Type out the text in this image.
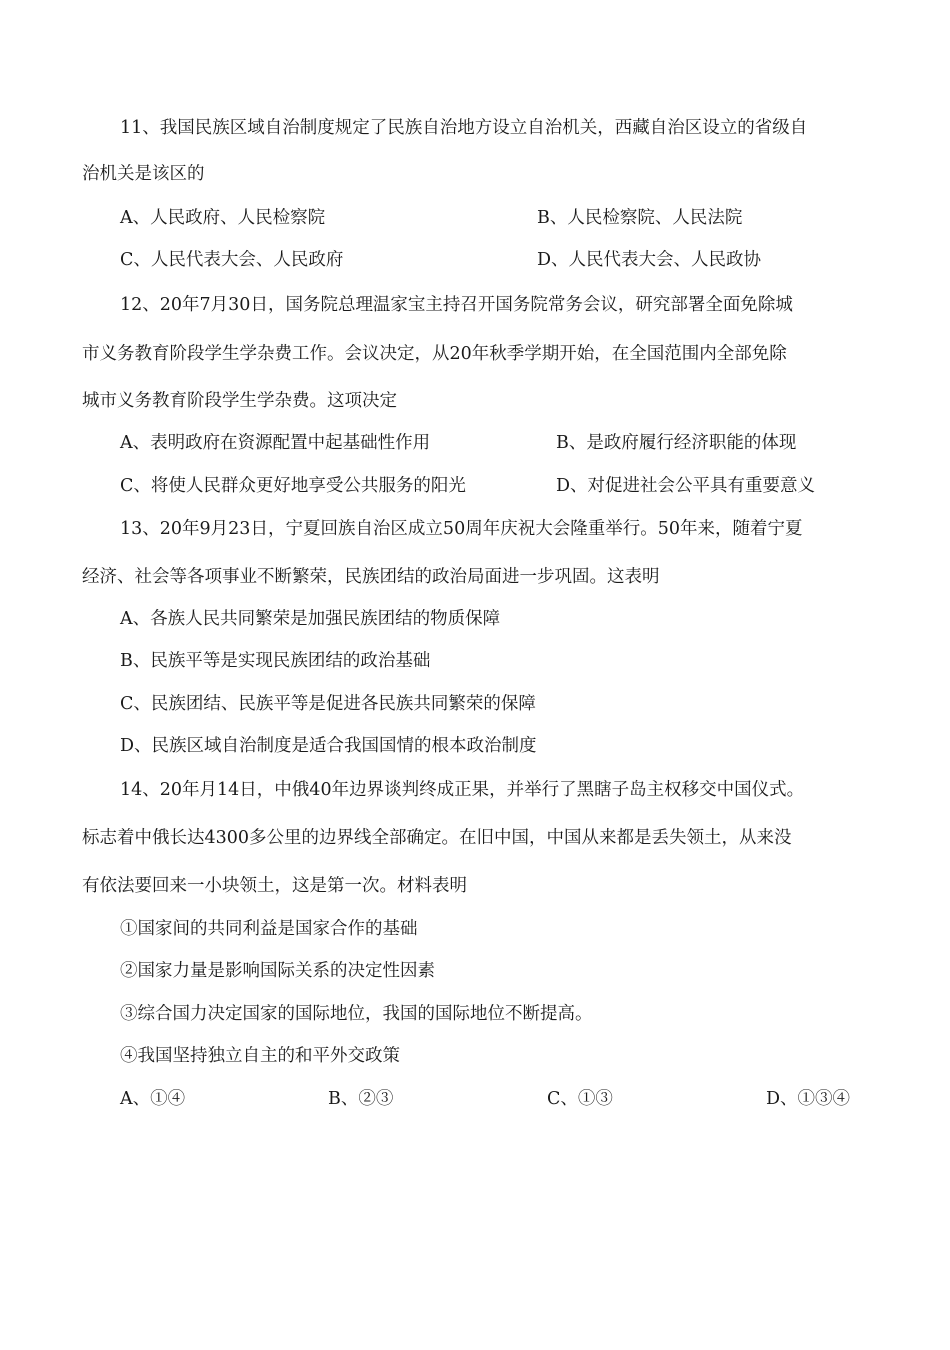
11、我国民族区域自治制度规定了民族自治地方设立自治机关，西藏自治区设立的省级自
治机关是该区的
A、人民政府、人民检察院	B、人民检察院、人民法院
C、人民代表大会、人民政府	D、人民代表大会、人民政协
12、20年7月30日，国务院总理温家宝主持召开国务院常务会议，研究部署全面免除城
市义务教育阶段学生学杂费工作。会议决定，从20年秋季学期开始，在全国范围内全部免除
城市义务教育阶段学生学杂费。这项决定
A、表明政府在资源配置中起基础性作用	B、是政府履行经济职能的体现
C、将使人民群众更好地享受公共服务的阳光	D、对促进社会公平具有重要意义
13、20年9月23日，宁夏回族自治区成立50周年庆祝大会隆重举行。50年来，随着宁夏
经济、社会等各项事业不断繁荣，民族团结的政治局面进一步巩固。这表明
A、各族人民共同繁荣是加强民族团结的物质保障
B、民族平等是实现民族团结的政治基础
C、民族团结、民族平等是促进各民族共同繁荣的保障
D、民族区域自治制度是适合我国国情的根本政治制度
14、20年月14日，中俄40年边界谈判终成正果，并举行了黑瞎子岛主权移交中国仪式。
标志着中俄长达4300多公里的边界线全部确定。在旧中国，中国从来都是丢失领土，从来没
有依法要回来一小块领土，这是第一次。材料表明
①国家间的共同利益是国家合作的基础
②国家力量是影响国际关系的决定性因素
③综合国力决定国家的国际地位，我国的国际地位不断提高。
④我国坚持独立自主的和平外交政策
A、①④	B、②③	C、①③	D、①③④
